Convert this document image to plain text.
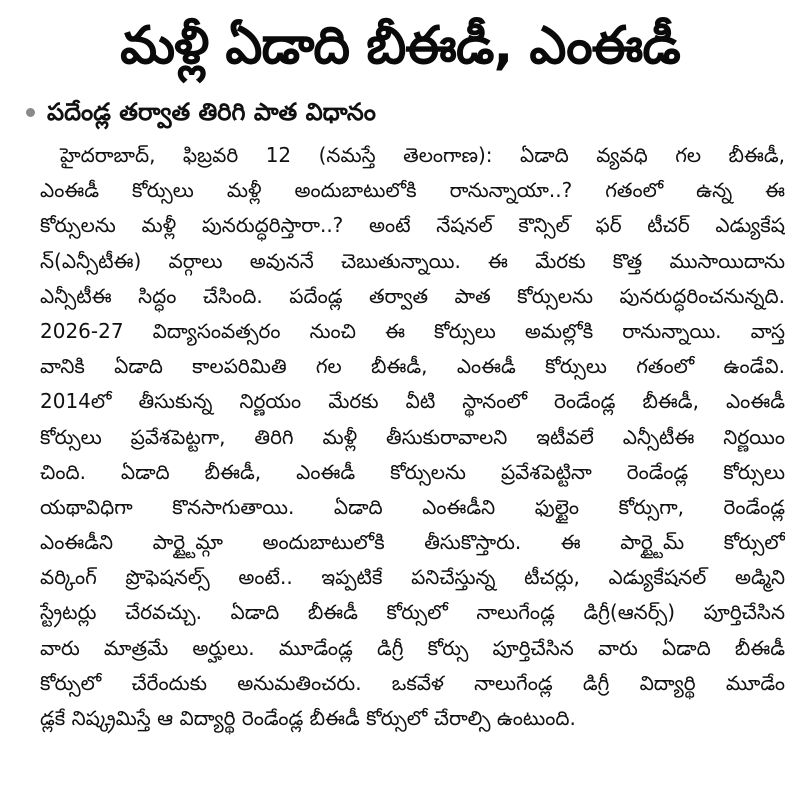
మళ్లీ ఏడాది బీఈడీ, ఎంఈడీ
పదేండ్ల తర్వాత తిరిగి పాత విధానం
హైదరాబాద్, ఫిబ్రవరి 12 (నమస్తే తెలంగాణ): ఏడాది వ్యవధి గల బీఈడీ,
ఎంఈడీ కోర్సులు మళ్లీ అందుబాటులోకి రానున్నాయా..? గతంలో ఉన్న ఈ
కోర్సులను మళ్లీ పునరుద్ధరిస్తారా..? అంటే నేషనల్ కౌన్సిల్ ఫర్ టీచర్ ఎడ్యుకేష
న్(ఎన్సీటీఈ) వర్గాలు అవుననే చెబుతున్నాయి. ఈ మేరకు కొత్త ముసాయిదాను
ఎన్సీటీఈ సిద్ధం చేసింది. పదేండ్ల తర్వాత పాత కోర్సులను పునరుద్ధరించనున్నది.
2026-27 విద్యాసంవత్సరం నుంచి ఈ కోర్సులు అమల్లోకి రానున్నాయి. వాస్త
వానికి ఏడాది కాలపరిమితి గల బీఈడీ, ఎంఈడీ కోర్సులు గతంలో ఉండేవి.
2014లో తీసుకున్న నిర్ణయం మేరకు వీటి స్థానంలో రెండేండ్ల బీఈడీ, ఎంఈడీ
కోర్సులు ప్రవేశపెట్టగా, తిరిగి మళ్లీ తీసుకురావాలని ఇటీవలే ఎన్సీటీఈ నిర్ణయిం
చింది. ఏడాది బీఈడీ, ఎంఈడీ కోర్సులను ప్రవేశపెట్టినా రెండేండ్ల కోర్సులు
యథావిధిగా కొనసాగుతాయి. ఏడాది ఎంఈడీని ఫుల్టైం కోర్సుగా, రెండేండ్ల
ఎంఈడీని పార్ట్టైమ్గా అందుబాటులోకి తీసుకొస్తారు. ఈ పార్ట్టైమ్ కోర్సులో
వర్కింగ్ ప్రొఫెషనల్స్ అంటే.. ఇప్పటికే పనిచేస్తున్న టీచర్లు, ఎడ్యుకేషనల్ అడ్మిని
స్ట్రేటర్లు చేరవచ్చు. ఏడాది బీఈడీ కోర్సులో నాలుగేండ్ల డిగ్రీ(ఆనర్స్) పూర్తిచేసిన
వారు మాత్రమే అర్హులు. మూడేండ్ల డిగ్రీ కోర్సు పూర్తిచేసిన వారు ఏడాది బీఈడీ
కోర్సులో చేరేందుకు అనుమతించరు. ఒకవేళ నాలుగేండ్ల డిగ్రీ విద్యార్థి మూడేం
డ్లకే నిష్క్రమిస్తే ఆ విద్యార్థి రెండేండ్ల బీఈడీ కోర్సులో చేరాల్సి ఉంటుంది.
